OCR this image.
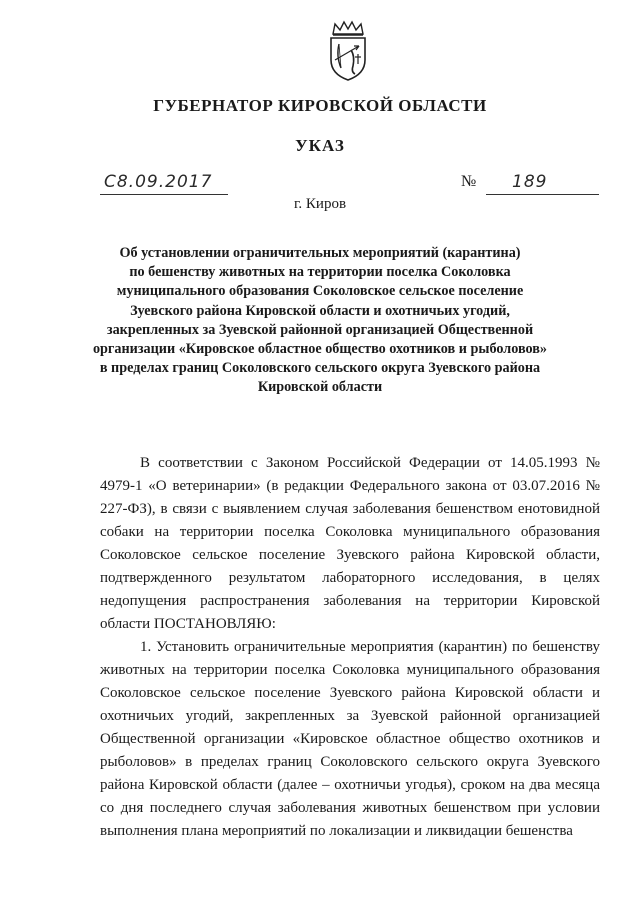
ГУБЕРНАТОР КИРОВСКОЙ ОБЛАСТИ
УКАЗ
С8.09.2017	№ 189
г. Киров
Об установлении ограничительных мероприятий (карантина)
по бешенству животных на территории поселка Соколовка
муниципального образования Соколовское сельское поселение
Зуевского района Кировской области и охотничьих угодий,
закрепленных за Зуевской районной организацией Общественной
организации «Кировское областное общество охотников и рыболовов»
в пределах границ Соколовского сельского округа Зуевского района
Кировской области

В соответствии с Законом Российской Федерации от 14.05.1993 № 4979-1 «О ветеринарии» (в редакции Федерального закона от 03.07.2016 № 227-ФЗ), в связи с выявлением случая заболевания бешенством енотовидной собаки на территории поселка Соколовка муниципального образования Соколовское сельское поселение Зуевского района Кировской области, подтвержденного результатом лабораторного исследования, в целях недопущения распространения заболевания на территории Кировской области ПОСТАНОВЛЯЮ:

1. Установить ограничительные мероприятия (карантин) по бешенству животных на территории поселка Соколовка муниципального образования Соколовское сельское поселение Зуевского района Кировской области и охотничьих угодий, закрепленных за Зуевской районной организацией Общественной организации «Кировское областное общество охотников и рыболовов» в пределах границ Соколовского сельского округа Зуевского района Кировской области (далее – охотничьи угодья), сроком на два месяца со дня последнего случая заболевания животных бешенством при условии выполнения плана мероприятий по локализации и ликвидации бешенства
